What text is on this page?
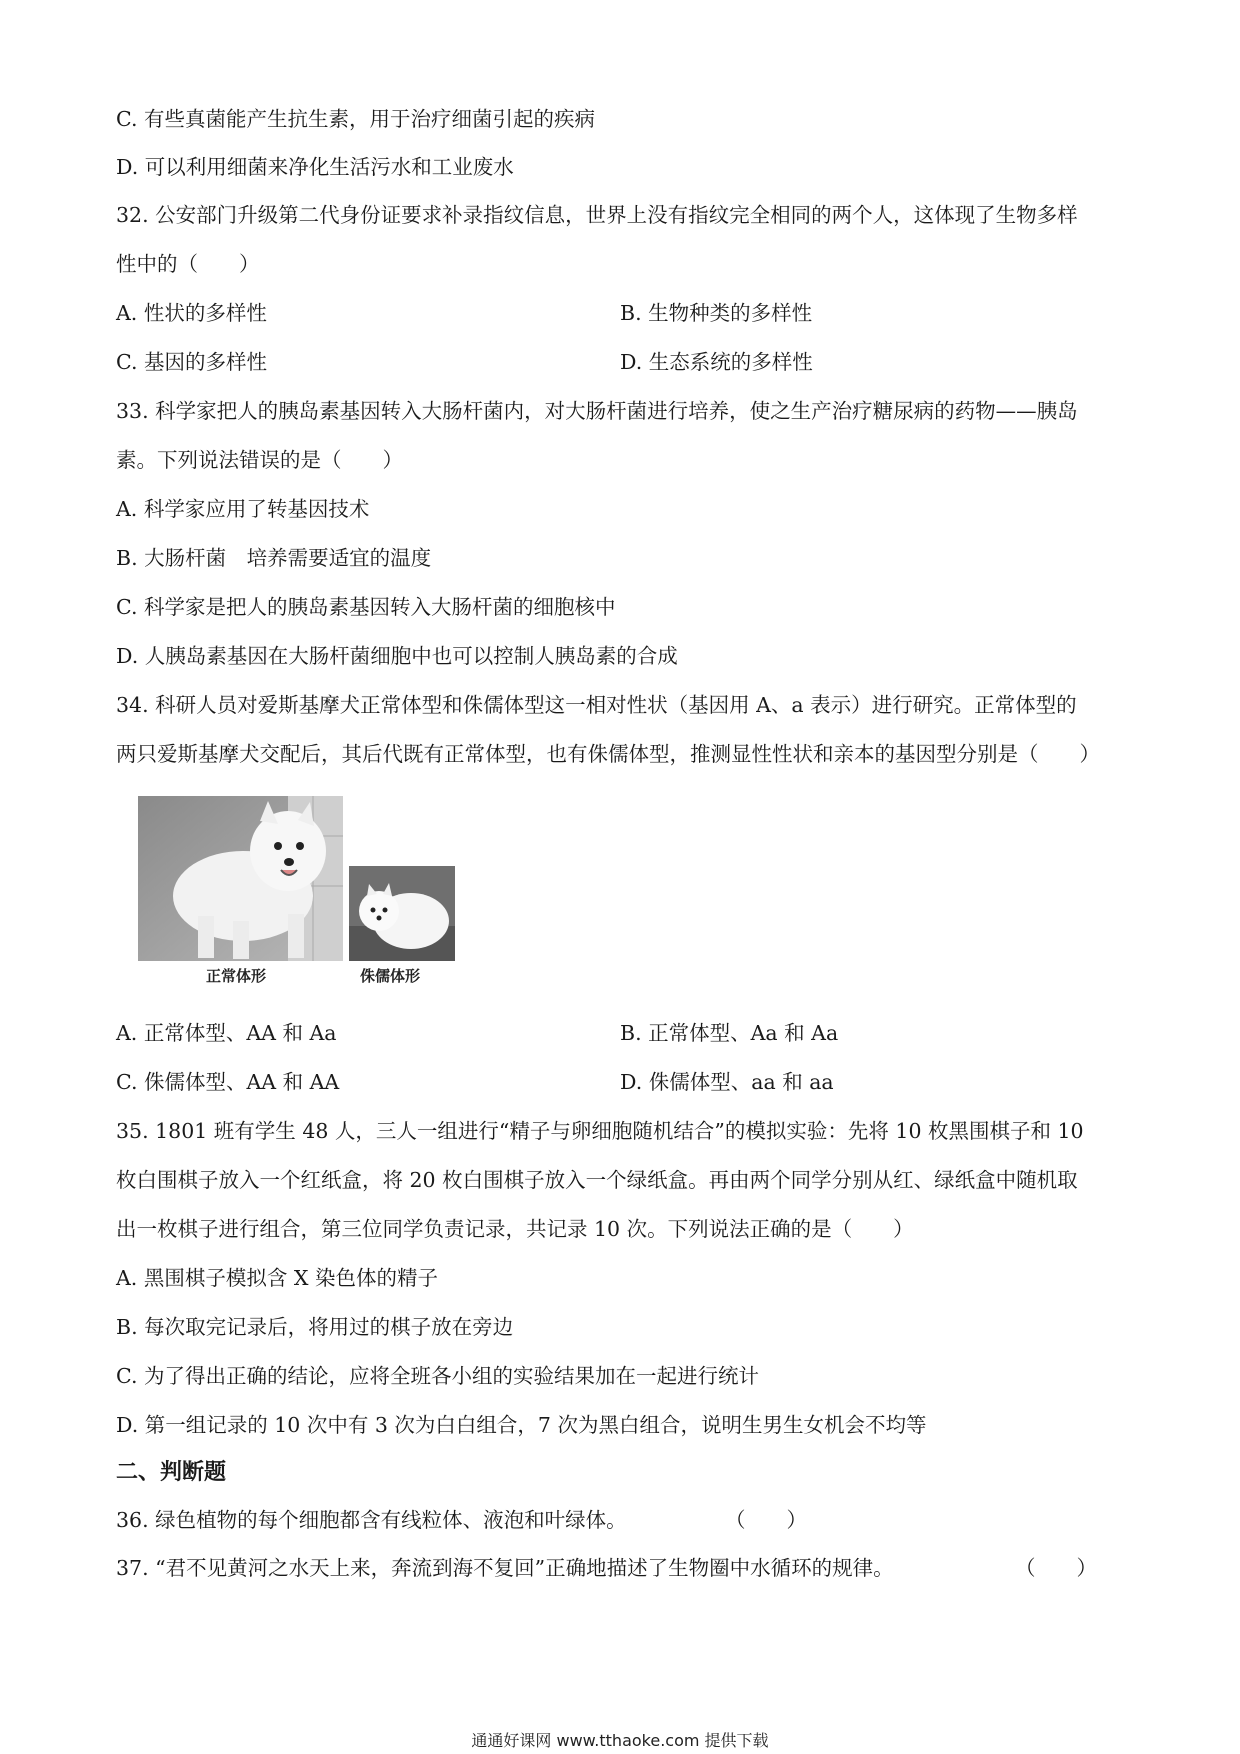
C. 有些真菌能产生抗生素，用于治疗细菌引起的疾病
D. 可以利用细菌来净化生活污水和工业废水
32. 公安部门升级第二代身份证要求补录指纹信息，世界上没有指纹完全相同的两个人，这体现了生物多样
性中的（　　）
A. 性状的多样性	B. 生物种类的多样性
C. 基因的多样性	D. 生态系统的多样性
33. 科学家把人的胰岛素基因转入大肠杆菌内，对大肠杆菌进行培养，使之生产治疗糖尿病的药物——胰岛
素。下列说法错误的是（　　）
A. 科学家应用了转基因技术
B. 大肠杆菌　培养需要适宜的温度
C. 科学家是把人的胰岛素基因转入大肠杆菌的细胞核中
D. 人胰岛素基因在大肠杆菌细胞中也可以控制人胰岛素的合成
34. 科研人员对爱斯基摩犬正常体型和侏儒体型这一相对性状（基因用 A、a 表示）进行研究。正常体型的
两只爱斯基摩犬交配后，其后代既有正常体型，也有侏儒体型，推测显性性状和亲本的基因型分别是（　　）
正常体形	侏儒体形
A. 正常体型、AA 和 Aa	B. 正常体型、Aa 和 Aa
C. 侏儒体型、AA 和 AA	D. 侏儒体型、aa 和 aa
35. 1801 班有学生 48 人，三人一组进行“精子与卵细胞随机结合”的模拟实验：先将 10 枚黑围棋子和 10
枚白围棋子放入一个红纸盒，将 20 枚白围棋子放入一个绿纸盒。再由两个同学分别从红、绿纸盒中随机取
出一枚棋子进行组合，第三位同学负责记录，共记录 10 次。下列说法正确的是（　　）
A. 黑围棋子模拟含 X 染色体的精子
B. 每次取完记录后，将用过的棋子放在旁边
C. 为了得出正确的结论，应将全班各小组的实验结果加在一起进行统计
D. 第一组记录的 10 次中有 3 次为白白组合，7 次为黑白组合，说明生男生女机会不均等
二、判断题
36. 绿色植物的每个细胞都含有线粒体、液泡和叶绿体。	（　　）
37. “君不见黄河之水天上来，奔流到海不复回”正确地描述了生物圈中水循环的规律。	（　　）
通通好课网 www.tthaoke.com 提供下载
